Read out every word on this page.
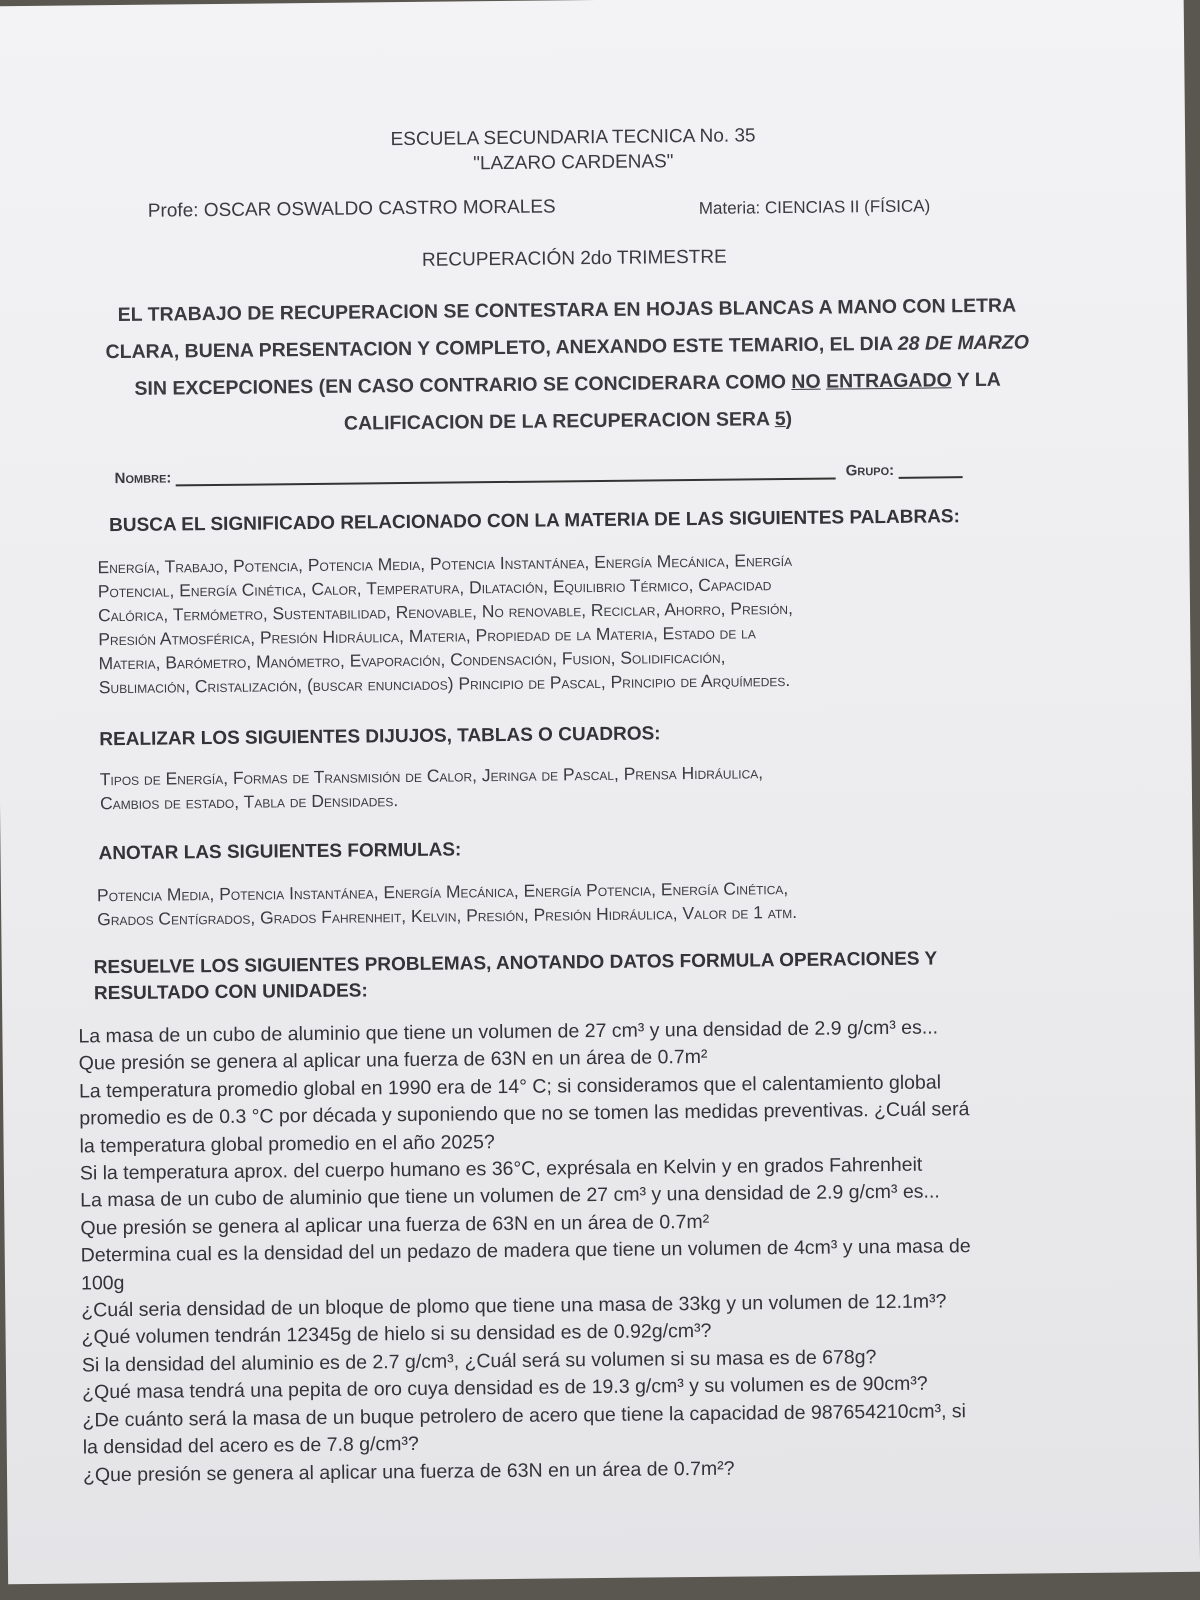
ESCUELA SECUNDARIA TECNICA No. 35
"LAZARO CARDENAS"
Profe: OSCAR OSWALDO CASTRO MORALES	Materia: CIENCIAS II (FÍSICA)
RECUPERACIÓN 2do TRIMESTRE
EL TRABAJO DE RECUPERACION SE CONTESTARA EN HOJAS BLANCAS A MANO CON LETRA CLARA, BUENA PRESENTACION Y COMPLETO, ANEXANDO ESTE TEMARIO, EL DIA 28 DE MARZO SIN EXCEPCIONES (EN CASO CONTRARIO SE CONCIDERARA COMO NO ENTRAGADO Y LA CALIFICACION DE LA RECUPERACION SERA 5)
Nombre:	Grupo:
BUSCA EL SIGNIFICADO RELACIONADO CON LA MATERIA DE LAS SIGUIENTES PALABRAS:
Energía, Trabajo, Potencia, Potencia Media, Potencia Instantánea, Energía Mecánica, Energía
Potencial, Energía Cinética, Calor, Temperatura, Dilatación, Equilibrio Térmico, Capacidad
Calórica, Termómetro, Sustentabilidad, Renovable, No renovable, Reciclar, Ahorro, Presión,
Presión Atmosférica, Presión Hidráulica, Materia, Propiedad de la Materia, Estado de la
Materia, Barómetro, Manómetro, Evaporación, Condensación, Fusion, Solidificación,
Sublimación, Cristalización, (buscar enunciados) Principio de Pascal, Principio de Arquímedes.
REALIZAR LOS SIGUIENTES DIJUJOS, TABLAS O CUADROS:
Tipos de Energía, Formas de Transmisión de Calor, Jeringa de Pascal, Prensa Hidráulica,
Cambios de estado, Tabla de Densidades.
ANOTAR LAS SIGUIENTES FORMULAS:
Potencia Media, Potencia Instantánea, Energía Mecánica, Energía Potencia, Energía Cinética,
Grados Centígrados, Grados Fahrenheit, Kelvin, Presión, Presión Hidráulica, Valor de 1 atm.
RESUELVE LOS SIGUIENTES PROBLEMAS, ANOTANDO DATOS FORMULA OPERACIONES Y
RESULTADO CON UNIDADES:
La masa de un cubo de aluminio que tiene un volumen de 27 cm³ y una densidad de 2.9 g/cm³ es...
Que presión se genera al aplicar una fuerza de 63N en un área de 0.7m²
La temperatura promedio global en 1990 era de 14° C; si consideramos que el calentamiento global
promedio es de 0.3 °C por década y suponiendo que no se tomen las medidas preventivas. ¿Cuál será
la temperatura global promedio en el año 2025?
Si la temperatura aprox. del cuerpo humano es 36°C, exprésala en Kelvin y en grados Fahrenheit
La masa de un cubo de aluminio que tiene un volumen de 27 cm³ y una densidad de 2.9 g/cm³ es...
Que presión se genera al aplicar una fuerza de 63N en un área de 0.7m²
Determina cual es la densidad del un pedazo de madera que tiene un volumen de 4cm³ y una masa de
100g
¿Cuál seria densidad de un bloque de plomo que tiene una masa de 33kg y un volumen de 12.1m³?
¿Qué volumen tendrán 12345g de hielo si su densidad es de 0.92g/cm³?
Si la densidad del aluminio es de 2.7 g/cm³, ¿Cuál será su volumen si su masa es de 678g?
¿Qué masa tendrá una pepita de oro cuya densidad es de 19.3 g/cm³ y su volumen es de 90cm³?
¿De cuánto será la masa de un buque petrolero de acero que tiene la capacidad de 987654210cm³, si
la densidad del acero es de 7.8 g/cm³?
¿Que presión se genera al aplicar una fuerza de 63N en un área de 0.7m²?
